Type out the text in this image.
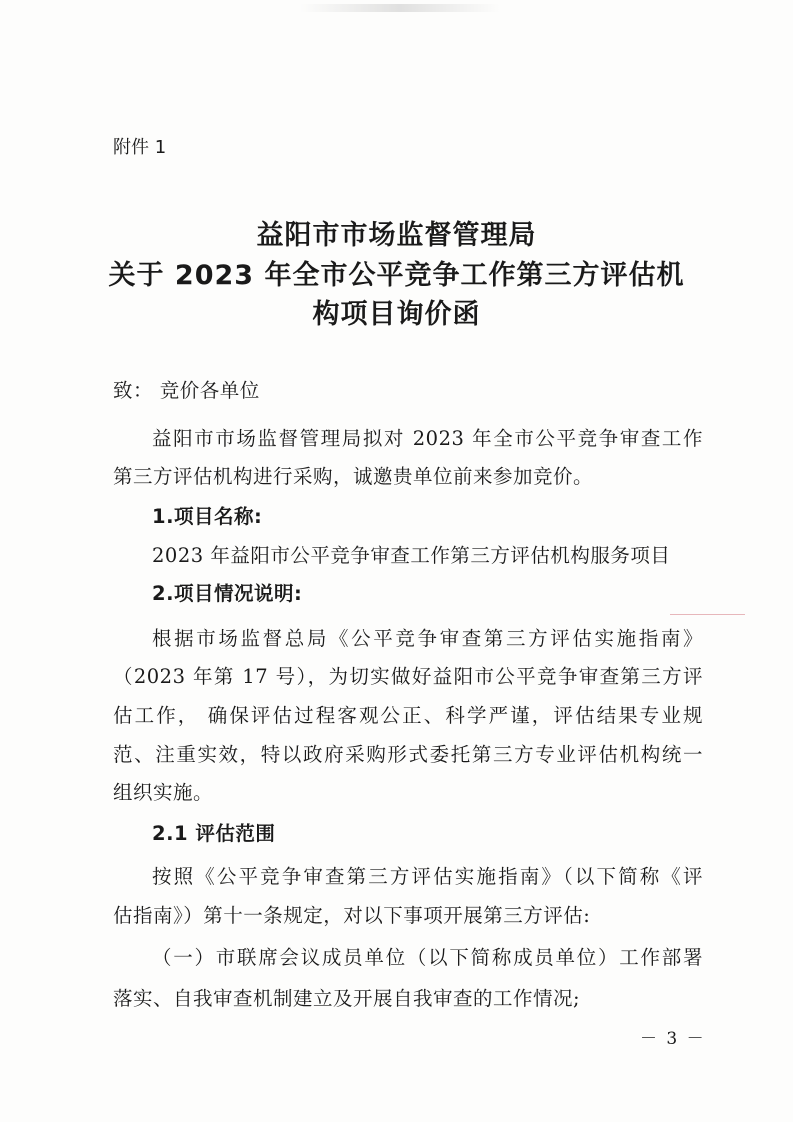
附件 1
益阳市市场监督管理局
关于 2023 年全市公平竞争工作第三方评估机
构项目询价函
致： 竞价各单位
益阳市市场监督管理局拟对 2023 年全市公平竞争审查工作
第三方评估机构进行采购，诚邀贵单位前来参加竞价。
1.项目名称:
2023 年益阳市公平竞争审查工作第三方评估机构服务项目
2.项目情况说明:
根据市场监督总局《公平竞争审查第三方评估实施指南》
（2023 年第 17 号），为切实做好益阳市公平竞争审查第三方评
估工作， 确保评估过程客观公正、科学严谨，评估结果专业规
范、注重实效，特以政府采购形式委托第三方专业评估机构统一
组织实施。
2.1 评估范围
按照《公平竞争审查第三方评估实施指南》（以下简称《评
估指南》）第十一条规定，对以下事项开展第三方评估:
（一）市联席会议成员单位（以下简称成员单位）工作部署
落实、自我审查机制建立及开展自我审查的工作情况;
－ 3 －
